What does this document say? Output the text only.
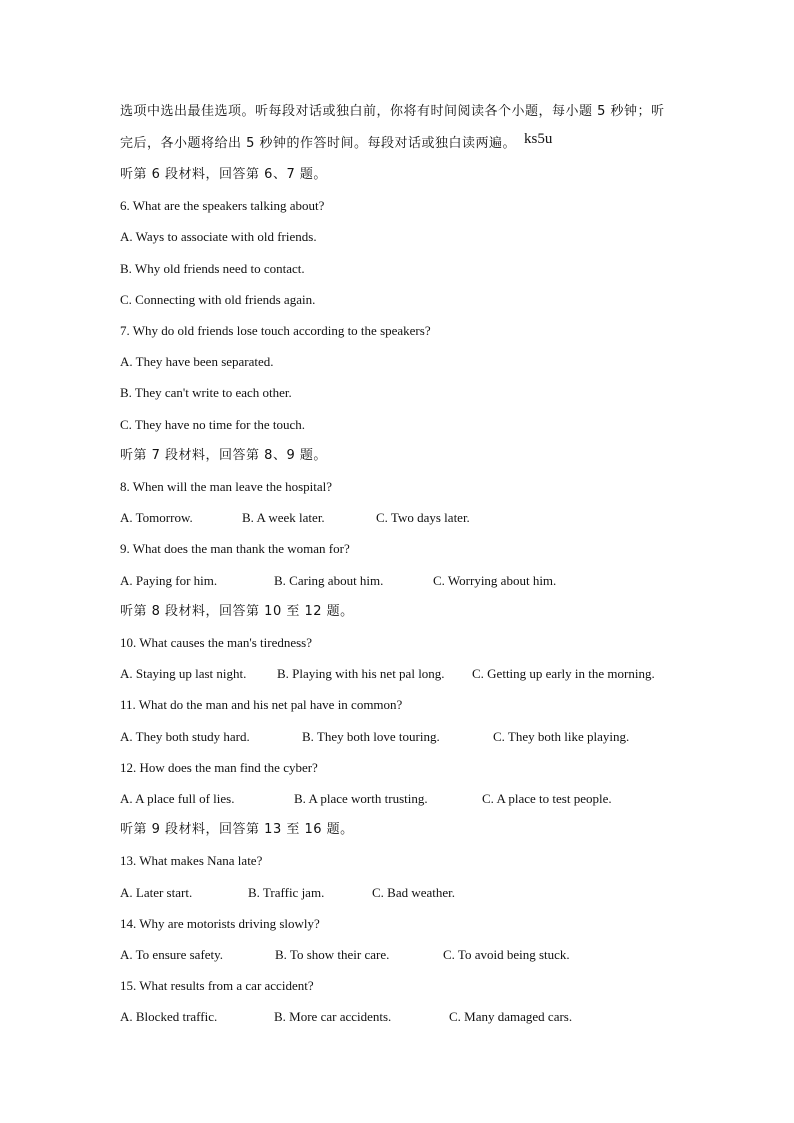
选项中选出最佳选项。听每段对话或独白前，你将有时间阅读各个小题，每小题 5 秒钟；听
完后，各小题将给出 5 秒钟的作答时间。每段对话或独白读两遍。 ks5u
听第 6 段材料，回答第 6、7 题。
6. What are the speakers talking about?
A. Ways to associate with old friends.
B. Why old friends need to contact.
C. Connecting with old friends again.
7. Why do old friends lose touch according to the speakers?
A. They have been separated.
B. They can't write to each other.
C. They have no time for the touch.
听第 7 段材料，回答第 8、9 题。
8. When will the man leave the hospital?
A. Tomorrow.	B. A week later.	C. Two days later.
9. What does the man thank the woman for?
A. Paying for him.	B. Caring about him.	C. Worrying about him.
听第 8 段材料，回答第 10 至 12 题。
10. What causes the man's tiredness?
A. Staying up last night. B. Playing with his net pal long. C. Getting up early in the morning.
11. What do the man and his net pal have in common?
A. They both study hard.	B. They both love touring.	C. They both like playing.
12. How does the man find the cyber?
A. A place full of lies.	B. A place worth trusting.	C. A place to test people.
听第 9 段材料，回答第 13 至 16 题。
13. What makes Nana late?
A. Later start.	B. Traffic jam.	C. Bad weather.
14. Why are motorists driving slowly?
A. To ensure safety.	B. To show their care.	C. To avoid being stuck.
15. What results from a car accident?
A. Blocked traffic.	B. More car accidents.	C. Many damaged cars.
